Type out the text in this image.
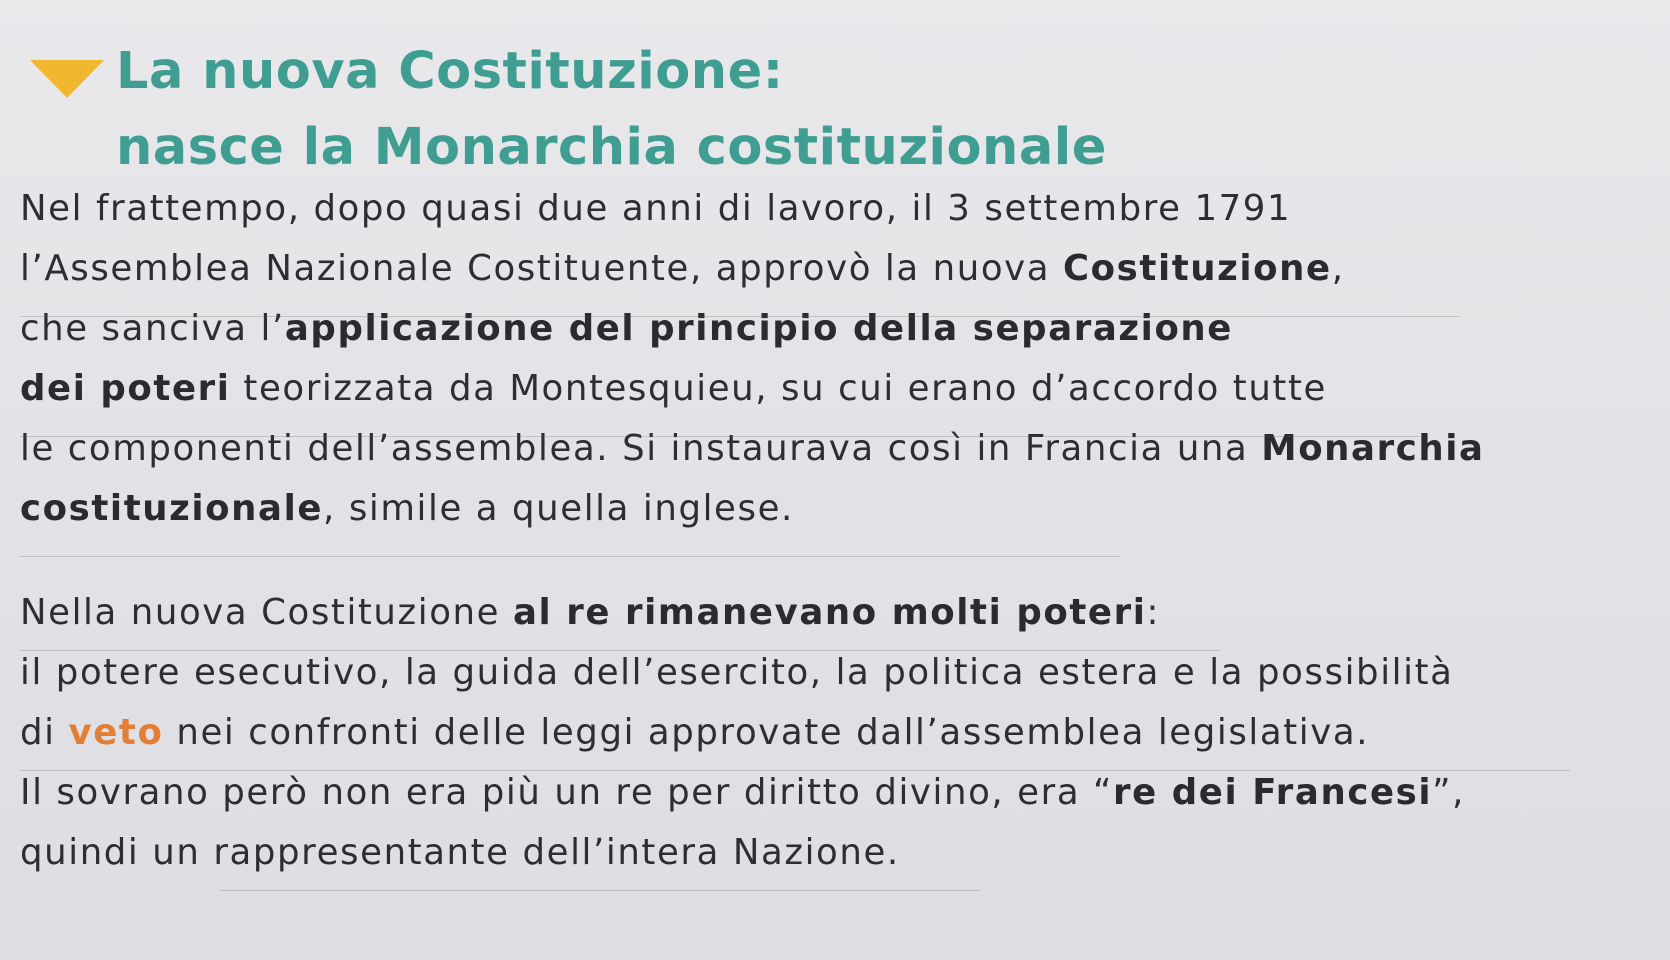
La nuova Costituzione:
nasce la Monarchia costituzionale
Nel frattempo, dopo quasi due anni di lavoro, il 3 settembre 1791
l’Assemblea Nazionale Costituente, approvò la nuova Costituzione,
che sanciva l’applicazione del principio della separazione
dei poteri teorizzata da Montesquieu, su cui erano d’accordo tutte
le componenti dell’assemblea. Si instaurava così in Francia una Monarchia
costituzionale, simile a quella inglese.
Nella nuova Costituzione al re rimanevano molti poteri:
il potere esecutivo, la guida dell’esercito, la politica estera e la possibilità
di veto nei confronti delle leggi approvate dall’assemblea legislativa.
Il sovrano però non era più un re per diritto divino, era “re dei Francesi”,
quindi un rappresentante dell’intera Nazione.
